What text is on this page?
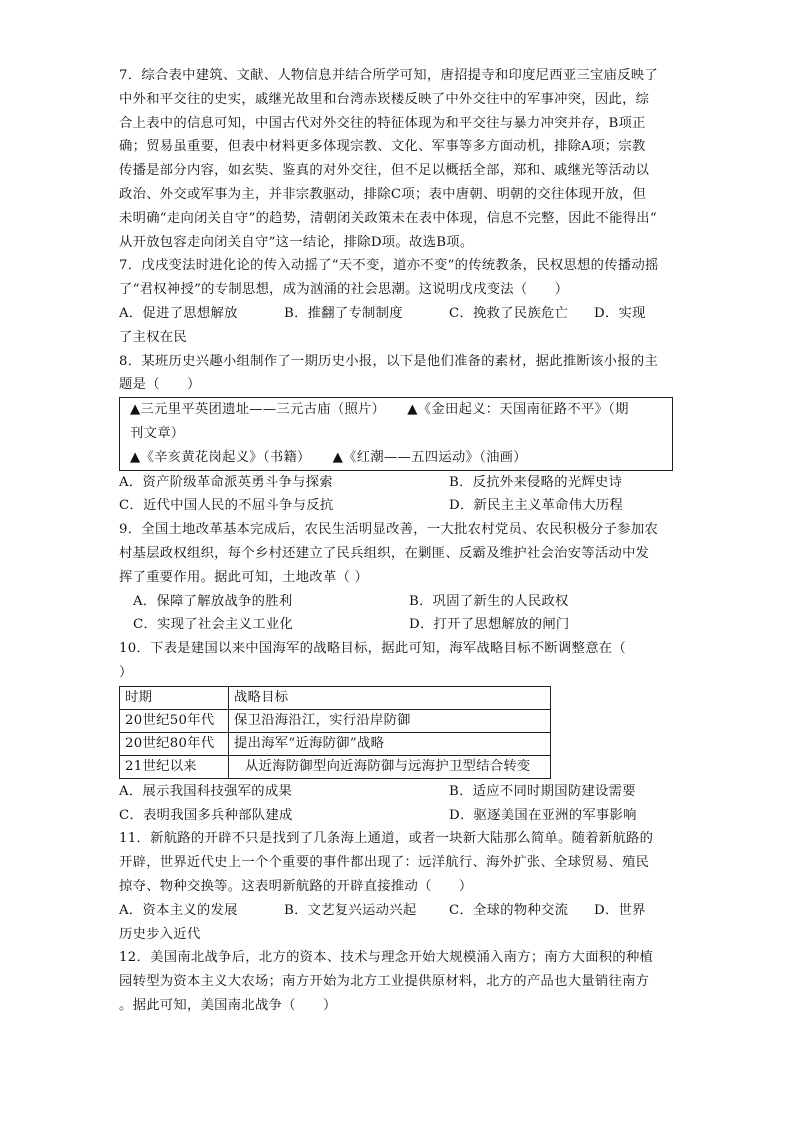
7．综合表中建筑、文献、人物信息并结合所学可知，唐招提寺和印度尼西亚三宝庙反映了

中外和平交往的史实，戚继光故里和台湾赤崁楼反映了中外交往中的军事冲突，因此，综

合上表中的信息可知，中国古代对外交往的特征体现为和平交往与暴力冲突并存，B项正

确；贸易虽重要，但表中材料更多体现宗教、文化、军事等多方面动机，排除A项；宗教

传播是部分内容，如玄奘、鉴真的对外交往，但不足以概括全部，郑和、戚继光等活动以

政治、外交或军事为主，并非宗教驱动，排除C项；表中唐朝、明朝的交往体现开放，但

未明确“走向闭关自守”的趋势，清朝闭关政策未在表中体现，信息不完整，因此不能得出“

从开放包容走向闭关自守”这一结论，排除D项。故选B项。

7．戊戌变法时进化论的传入动摇了“天不变，道亦不变”的传统教条，民权思想的传播动摇

了“君权神授”的专制思想，成为汹涌的社会思潮。这说明戊戌变法（　　）

A．促进了思想解放	B．推翻了专制制度	C．挽救了民族危亡	D．实现

了主权在民

8．某班历史兴趣小组制作了一期历史小报，以下是他们准备的素材，据此推断该小报的主

题是（　　）

▲三元里平英团遗址——三元古庙（照片） ▲《金田起义：天国南征路不平》（期
刊文章）
▲《辛亥黄花岗起义》（书籍） ▲《红潮——五四运动》（油画）
A．资产阶级革命派英勇斗争与探索	B．反抗外来侵略的光辉史诗
C．近代中国人民的不屈斗争与反抗	D．新民主主义革命伟大历程

9．全国土地改革基本完成后，农民生活明显改善，一大批农村党员、农民积极分子参加农

村基层政权组织，每个乡村还建立了民兵组织，在剿匪、反霸及维护社会治安等活动中发

挥了重要作用。据此可知，土地改革（ ）

A．保障了解放战争的胜利	B．巩固了新生的人民政权
C．实现了社会主义工业化	D．打开了思想解放的闸门

10．下表是建国以来中国海军的战略目标，据此可知，海军战略目标不断调整意在（

）

时期	战略目标
20世纪50年代	保卫沿海沿江，实行沿岸防御
20世纪80年代	提出海军“近海防御”战略
21世纪以来	从近海防御型向近海防御与远海护卫型结合转变
A．展示我国科技强军的成果	B．适应不同时期国防建设需要
C．表明我国多兵种部队建成	D．驱逐美国在亚洲的军事影响

11．新航路的开辟不只是找到了几条海上通道，或者一块新大陆那么简单。随着新航路的

开辟，世界近代史上一个个重要的事件都出现了：远洋航行、海外扩张、全球贸易、殖民

掠夺、物种交换等。这表明新航路的开辟直接推动（　　）

A．资本主义的发展	B．文艺复兴运动兴起	C．全球的物种交流	D．世界

历史步入近代

12．美国南北战争后，北方的资本、技术与理念开始大规模涌入南方；南方大面积的种植

园转型为资本主义大农场；南方开始为北方工业提供原材料，北方的产品也大量销往南方

。据此可知，美国南北战争（　　）
